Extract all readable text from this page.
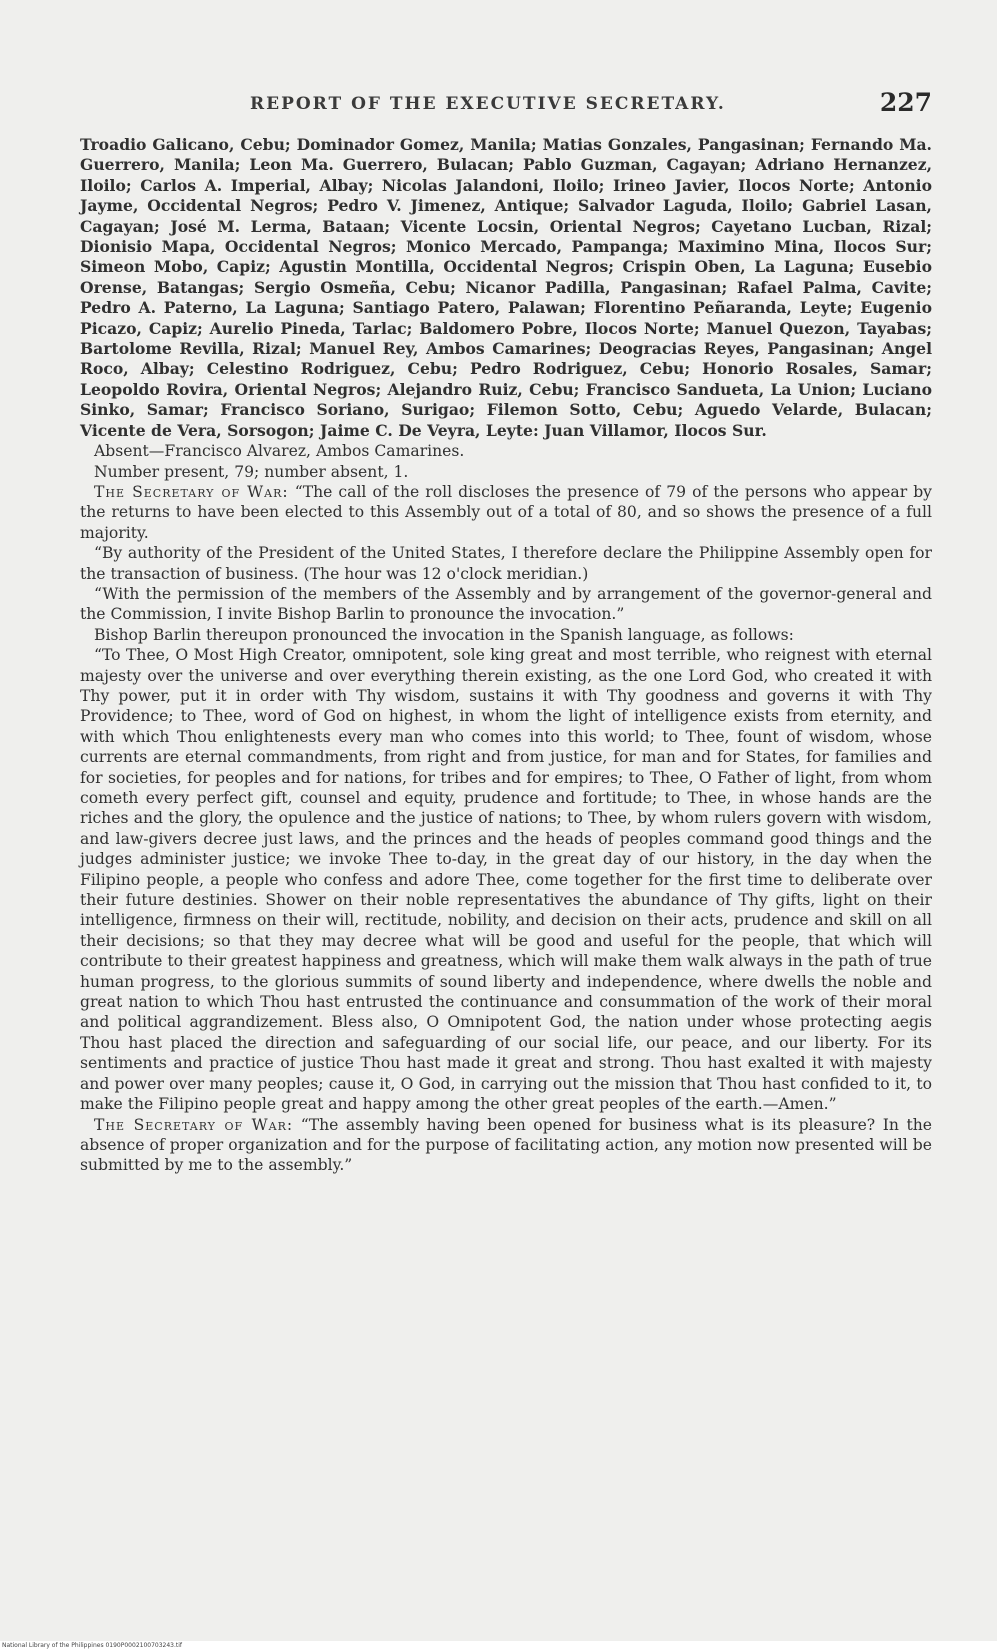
REPORT OF THE EXECUTIVE SECRETARY.	227

Troadio Galicano, Cebu; Dominador Gomez, Manila; Matias Gonzales, Pangasinan; Fernando Ma. Guerrero, Manila; Leon Ma. Guerrero, Bulacan; Pablo Guzman, Cagayan; Adriano Hernanzez, Iloilo; Carlos A. Imperial, Albay; Nicolas Jalandoni, Iloilo; Irineo Javier, Ilocos Norte; Antonio Jayme, Occidental Negros; Pedro V. Jimenez, Antique; Salvador Laguda, Iloilo; Gabriel Lasan, Cagayan; José M. Lerma, Bataan; Vicente Locsin, Oriental Negros; Cayetano Lucban, Rizal; Dionisio Mapa, Occidental Negros; Monico Mercado, Pampanga; Maximino Mina, Ilocos Sur; Simeon Mobo, Capiz; Agustin Montilla, Occidental Negros; Crispin Oben, La Laguna; Eusebio Orense, Batangas; Sergio Osmeña, Cebu; Nicanor Padilla, Pangasinan; Rafael Palma, Cavite; Pedro A. Paterno, La Laguna; Santiago Patero, Palawan; Florentino Peñaranda, Leyte; Eugenio Picazo, Capiz; Aurelio Pineda, Tarlac; Baldomero Pobre, Ilocos Norte; Manuel Quezon, Tayabas; Bartolome Revilla, Rizal; Manuel Rey, Ambos Camarines; Deogracias Reyes, Pangasinan; Angel Roco, Albay; Celestino Rodriguez, Cebu; Pedro Rodriguez, Cebu; Honorio Rosales, Samar; Leopoldo Rovira, Oriental Negros; Alejandro Ruiz, Cebu; Francisco Sandueta, La Union; Luciano Sinko, Samar; Francisco Soriano, Surigao; Filemon Sotto, Cebu; Aguedo Velarde, Bulacan; Vicente de Vera, Sorsogon; Jaime C. De Veyra, Leyte: Juan Villamor, Ilocos Sur.

Absent—Francisco Alvarez, Ambos Camarines.

Number present, 79; number absent, 1.

The Secretary of War: “The call of the roll discloses the presence of 79 of the persons who appear by the returns to have been elected to this Assembly out of a total of 80, and so shows the presence of a full majority.

“By authority of the President of the United States, I therefore declare the Philippine Assembly open for the transaction of business. (The hour was 12 o'clock meridian.)

“With the permission of the members of the Assembly and by arrangement of the governor-general and the Commission, I invite Bishop Barlin to pronounce the invocation.”

Bishop Barlin thereupon pronounced the invocation in the Spanish language, as follows:

“To Thee, O Most High Creator, omnipotent, sole king great and most terrible, who reignest with eternal majesty over the universe and over everything therein existing, as the one Lord God, who created it with Thy power, put it in order with Thy wisdom, sustains it with Thy goodness and governs it with Thy Providence; to Thee, word of God on highest, in whom the light of intelligence exists from eternity, and with which Thou enlightenests every man who comes into this world; to Thee, fount of wisdom, whose currents are eternal commandments, from right and from justice, for man and for States, for families and for societies, for peoples and for nations, for tribes and for empires; to Thee, O Father of light, from whom cometh every perfect gift, counsel and equity, prudence and fortitude; to Thee, in whose hands are the riches and the glory, the opulence and the justice of nations; to Thee, by whom rulers govern with wisdom, and law-givers decree just laws, and the princes and the heads of peoples command good things and the judges administer justice; we invoke Thee to-day, in the great day of our history, in the day when the Filipino people, a people who confess and adore Thee, come together for the first time to deliberate over their future destinies. Shower on their noble representatives the abundance of Thy gifts, light on their intelligence, firmness on their will, rectitude, nobility, and decision on their acts, prudence and skill on all their decisions; so that they may decree what will be good and useful for the people, that which will contribute to their greatest happiness and greatness, which will make them walk always in the path of true human progress, to the glorious summits of sound liberty and independence, where dwells the noble and great nation to which Thou hast entrusted the continuance and consummation of the work of their moral and political aggrandizement. Bless also, O Omnipotent God, the nation under whose protecting aegis Thou hast placed the direction and safeguarding of our social life, our peace, and our liberty. For its sentiments and practice of justice Thou hast made it great and strong. Thou hast exalted it with majesty and power over many peoples; cause it, O God, in carrying out the mission that Thou hast confided to it, to make the Filipino people great and happy among the other great peoples of the earth.—Amen.”

The Secretary of War: “The assembly having been opened for business what is its pleasure? In the absence of proper organization and for the purpose of facilitating action, any motion now presented will be submitted by me to the assembly.”

National Library of the Philippines 0190P0002100703243.tif
